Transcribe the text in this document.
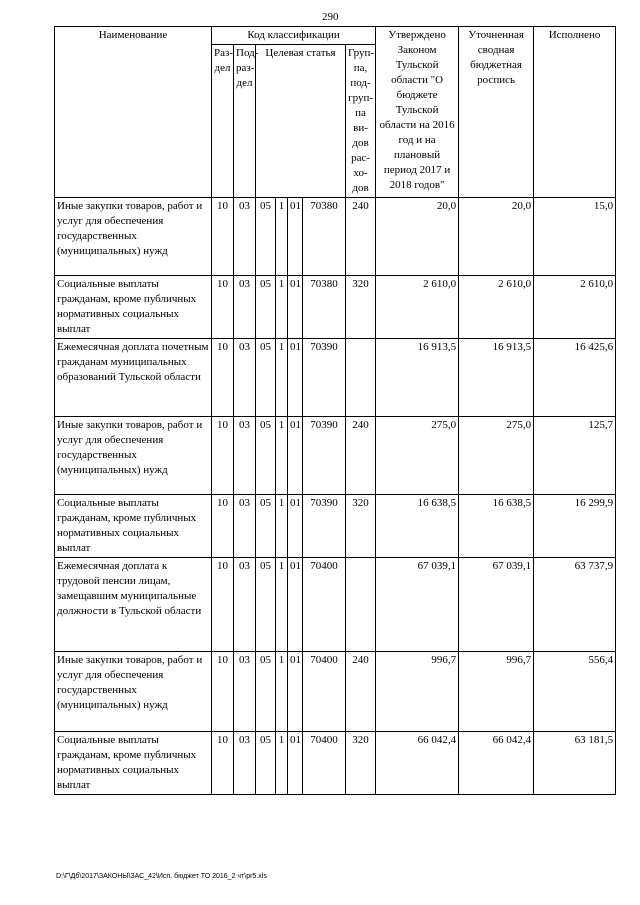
290
Наименование	Код классификации							Утверждено Законом Тульской области "О бюджете Тульской области на 2016 год и на плановый период 2017 и 2018 годов"	Уточненная сводная бюджетная роспись	Исполнено
	Раз-дел	Под-раз-дел	Целевая статья				Груп-па, под-груп-па ви-дов рас-хо-дов			
Иные закупки товаров, работ и услуг для обеспечения государственных (муниципальных) нужд	10	03	05	1	01	70380	240	20,0	20,0	15,0
Социальные выплаты гражданам, кроме публичных нормативных социальных выплат	10	03	05	1	01	70380	320	2 610,0	2 610,0	2 610,0
Ежемесячная доплата почетным гражданам муниципальных образований Тульской области	10	03	05	1	01	70390		16 913,5	16 913,5	16 425,6
Иные закупки товаров, работ и услуг для обеспечения государственных (муниципальных) нужд	10	03	05	1	01	70390	240	275,0	275,0	125,7
Социальные выплаты гражданам, кроме публичных нормативных социальных выплат	10	03	05	1	01	70390	320	16 638,5	16 638,5	16 299,9
Ежемесячная доплата к трудовой пенсии лицам, замещавшим муниципальные должности в Тульской области	10	03	05	1	01	70400		67 039,1	67 039,1	63 737,9
Иные закупки товаров, работ и услуг для обеспечения государственных (муниципальных) нужд	10	03	05	1	01	70400	240	996,7	996,7	556,4
Социальные выплаты гражданам, кроме публичных нормативных социальных выплат	10	03	05	1	01	70400	320	66 042,4	66 042,4	63 181,5
D:\Г\Дб\2017\ЗАКОНЫ\ЗАС_42\Исп. бюджет ТО 2016_2 чт\pr5.xls
